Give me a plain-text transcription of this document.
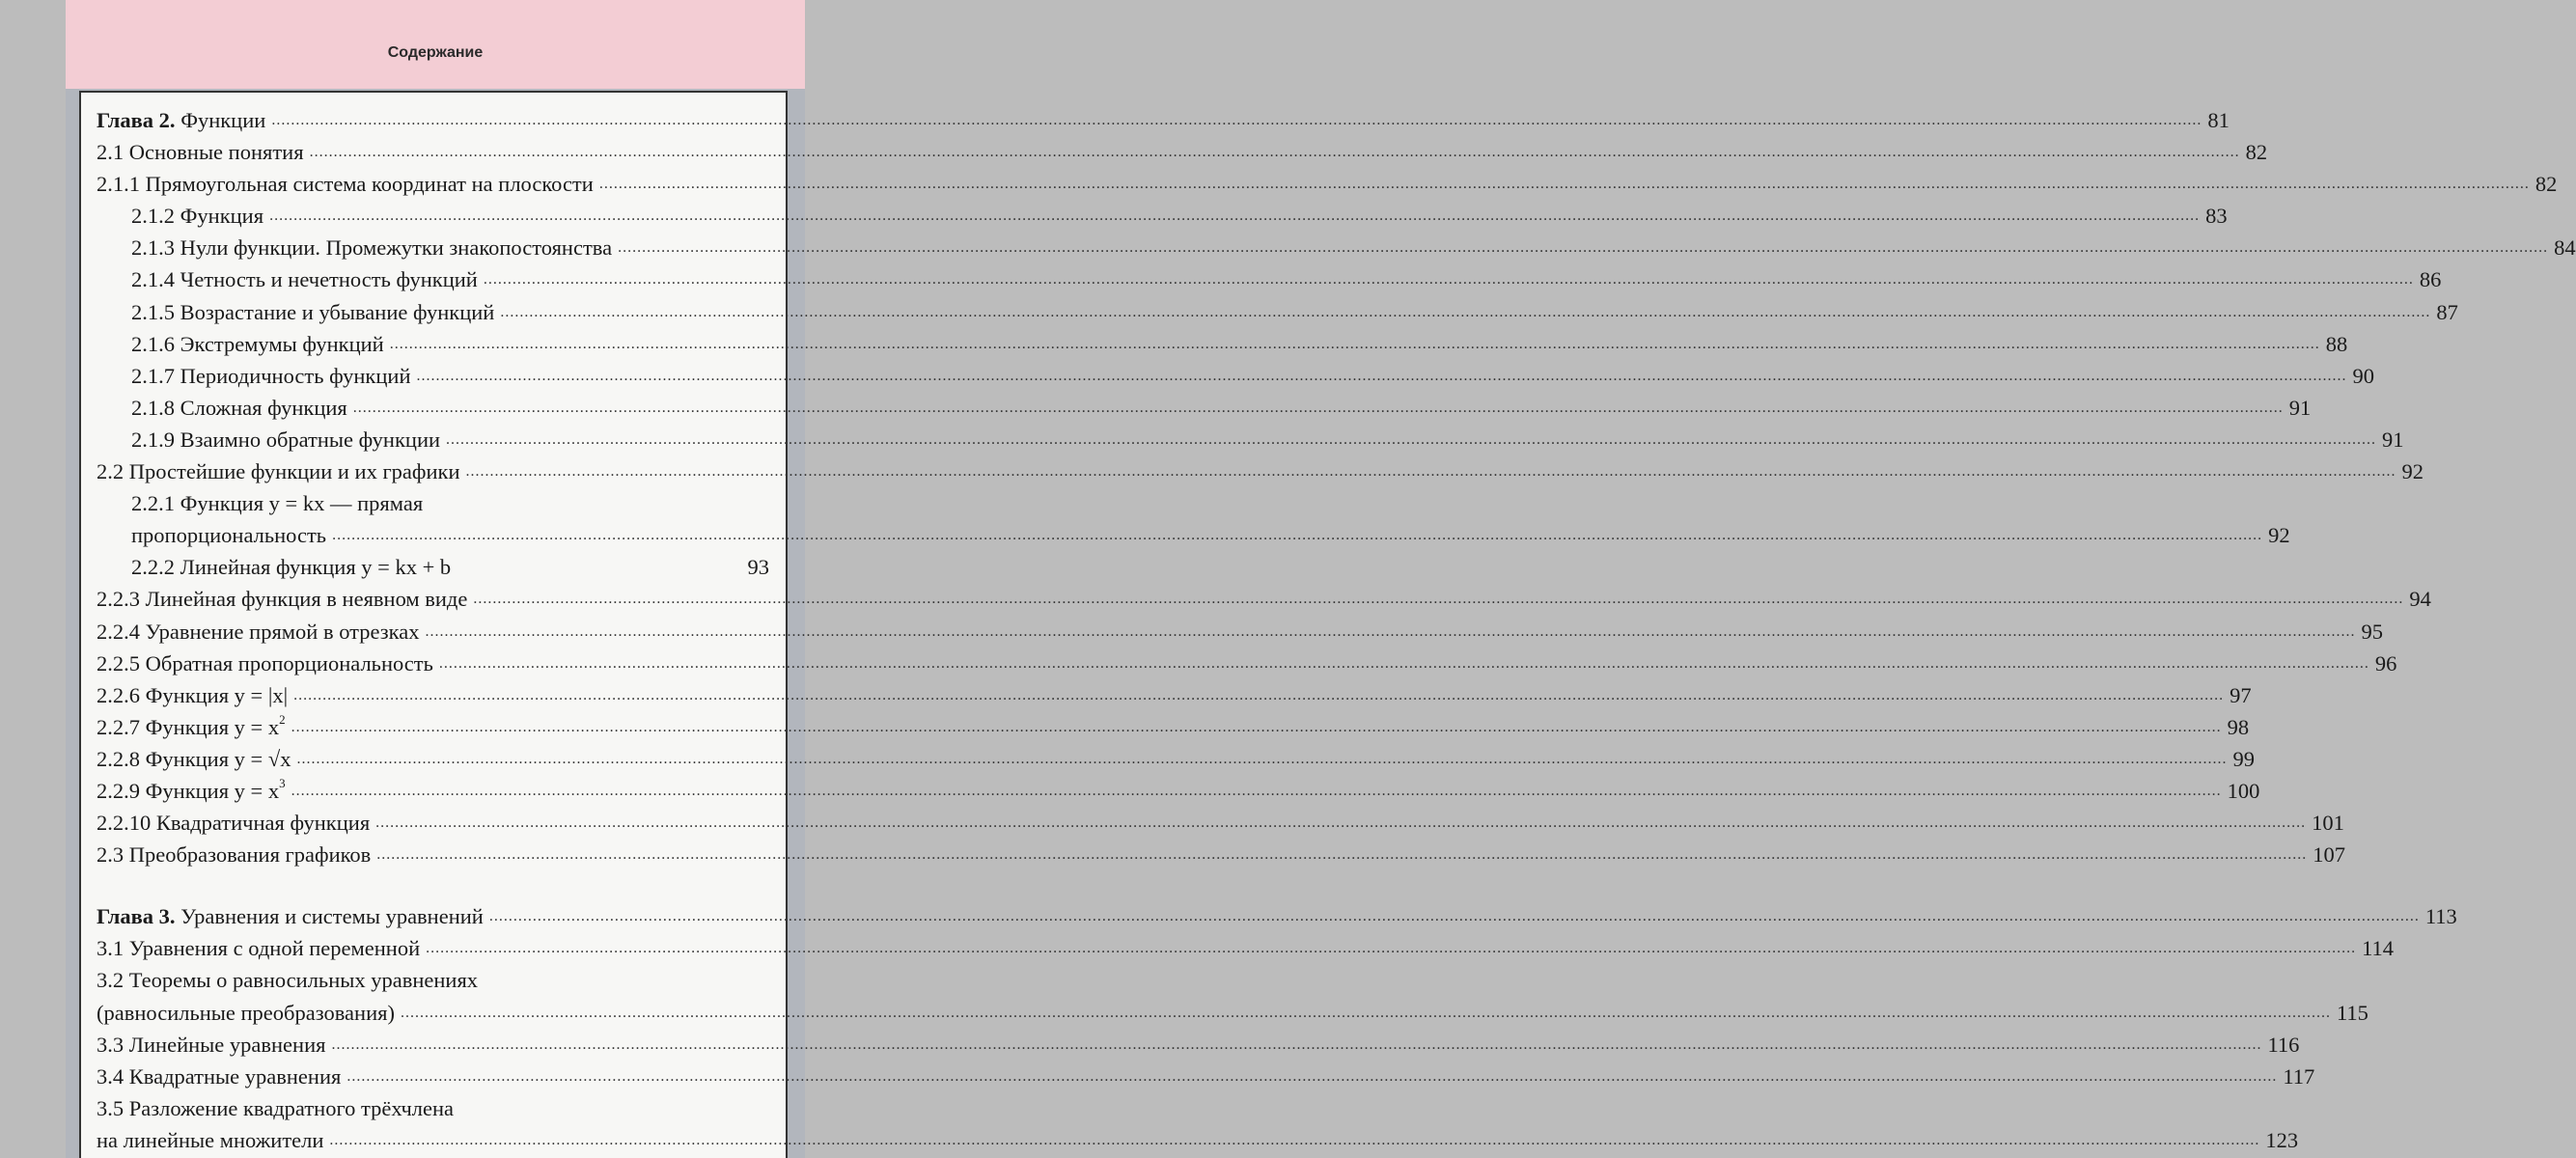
Содержание
Глава 2. Функции ................................................................................................................................................................................................................................................................................................................................................................................................................ 81
2.1 Основные понятия ................................................................................................................................................................................................................................................................................................................................................................................................................ 82
2.1.1 Прямоугольная система координат на плоскости ................................................................................................................................................................................................................................................................................................................................................................................................................ 82
2.1.2 Функция ................................................................................................................................................................................................................................................................................................................................................................................................................ 83
2.1.3 Нули функции. Промежутки знакопостоянства ................................................................................................................................................................................................................................................................................................................................................................................................................ 84
2.1.4 Четность и нечетность функций ................................................................................................................................................................................................................................................................................................................................................................................................................ 86
2.1.5 Возрастание и убывание функций ................................................................................................................................................................................................................................................................................................................................................................................................................ 87
2.1.6 Экстремумы функций ................................................................................................................................................................................................................................................................................................................................................................................................................ 88
2.1.7 Периодичность функций ................................................................................................................................................................................................................................................................................................................................................................................................................ 90
2.1.8 Сложная функция ................................................................................................................................................................................................................................................................................................................................................................................................................ 91
2.1.9 Взаимно обратные функции ................................................................................................................................................................................................................................................................................................................................................................................................................ 91
2.2 Простейшие функции и их графики ................................................................................................................................................................................................................................................................................................................................................................................................................ 92
2.2.1 Функция y = kx — прямая
пропорциональность ................................................................................................................................................................................................................................................................................................................................................................................................................ 92
2.2.2 Линейная функция y = kx + b	93
2.2.3 Линейная функция в неявном виде ................................................................................................................................................................................................................................................................................................................................................................................................................ 94
2.2.4 Уравнение прямой в отрезках ................................................................................................................................................................................................................................................................................................................................................................................................................ 95
2.2.5 Обратная пропорциональность ................................................................................................................................................................................................................................................................................................................................................................................................................ 96
2.2.6 Функция y = |x| ................................................................................................................................................................................................................................................................................................................................................................................................................ 97
2.2.7 Функция $y = x^2$ ................................................................................................................................................................................................................................................................................................................................................................................................................ 98
2.2.8 Функция y = √x ................................................................................................................................................................................................................................................................................................................................................................................................................ 99
2.2.9 Функция $y = x^3$ ................................................................................................................................................................................................................................................................................................................................................................................................................ 100
2.2.10 Квадратичная функция ................................................................................................................................................................................................................................................................................................................................................................................................................ 101
2.3 Преобразования графиков ................................................................................................................................................................................................................................................................................................................................................................................................................ 107
Глава 3. Уравнения и системы уравнений ................................................................................................................................................................................................................................................................................................................................................................................................................ 113
3.1 Уравнения с одной переменной ................................................................................................................................................................................................................................................................................................................................................................................................................ 114
3.2 Теоремы о равносильных уравнениях
(равносильные преобразования) ................................................................................................................................................................................................................................................................................................................................................................................................................ 115
3.3 Линейные уравнения ................................................................................................................................................................................................................................................................................................................................................................................................................ 116
3.4 Квадратные уравнения ................................................................................................................................................................................................................................................................................................................................................................................................................ 117
3.5 Разложение квадратного трёхчлена
на линейные множители ................................................................................................................................................................................................................................................................................................................................................................................................................ 123
